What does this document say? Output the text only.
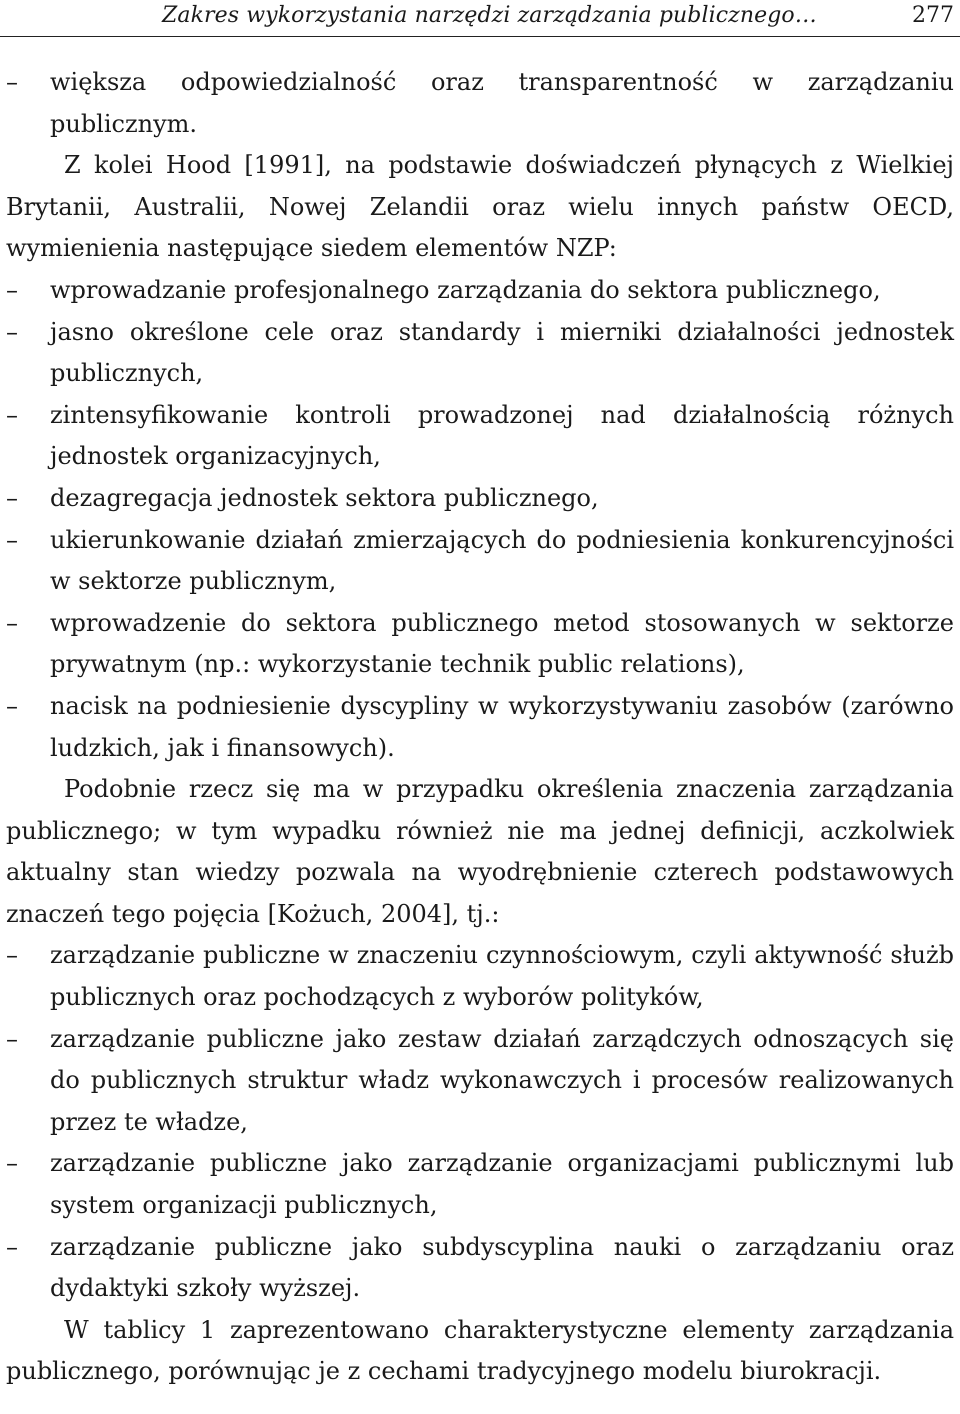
Zakres wykorzystania narzędzi zarządzania publicznego…	277
– większa odpowiedzialność oraz transparentność w zarządzaniu publicznym.

Z kolei Hood [1991], na podstawie doświadczeń płynących z Wielkiej Brytanii, Australii, Nowej Zelandii oraz wielu innych państw OECD, wymienienia następujące siedem elementów NZP:

– wprowadzanie profesjonalnego zarządzania do sektora publicznego,
– jasno określone cele oraz standardy i mierniki działalności jednostek publicznych,
– zintensyfikowanie kontroli prowadzonej nad działalnością różnych jednostek organizacyjnych,
– dezagregacja jednostek sektora publicznego,
– ukierunkowanie działań zmierzających do podniesienia konkurencyjności w sektorze publicznym,
– wprowadzenie do sektora publicznego metod stosowanych w sektorze prywatnym (np.: wykorzystanie technik public relations),
– nacisk na podniesienie dyscypliny w wykorzystywaniu zasobów (zarówno ludzkich, jak i finansowych).

Podobnie rzecz się ma w przypadku określenia znaczenia zarządzania publicznego; w tym wypadku również nie ma jednej definicji, aczkolwiek aktualny stan wiedzy pozwala na wyodrębnienie czterech podstawowych znaczeń tego pojęcia [Kożuch, 2004], tj.:

– zarządzanie publiczne w znaczeniu czynnościowym, czyli aktywność służb publicznych oraz pochodzących z wyborów polityków,
– zarządzanie publiczne jako zestaw działań zarządczych odnoszących się do publicznych struktur władz wykonawczych i procesów realizowanych przez te władze,
– zarządzanie publiczne jako zarządzanie organizacjami publicznymi lub system organizacji publicznych,
– zarządzanie publiczne jako subdyscyplina nauki o zarządzaniu oraz dydaktyki szkoły wyższej.

W tablicy 1 zaprezentowano charakterystyczne elementy zarządzania publicznego, porównując je z cechami tradycyjnego modelu biurokracji.
